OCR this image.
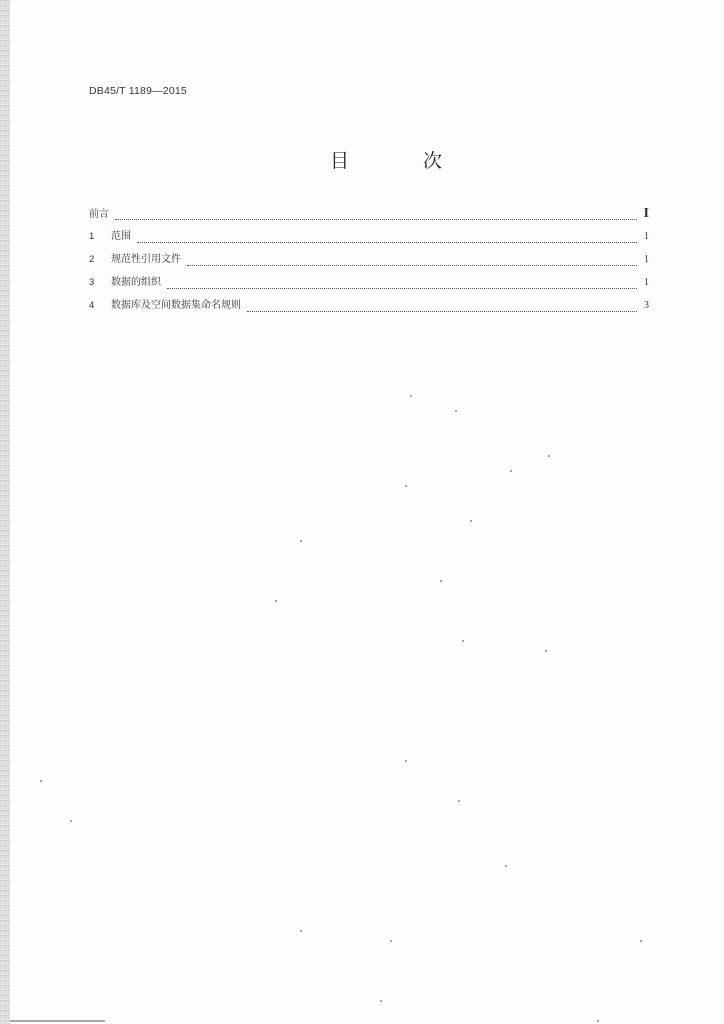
DB45/T 1189—2015
目 次
前言	I
1	范围	1
2	规范性引用文件	1
3	数据的组织	1
4	数据库及空间数据集命名规则	3
